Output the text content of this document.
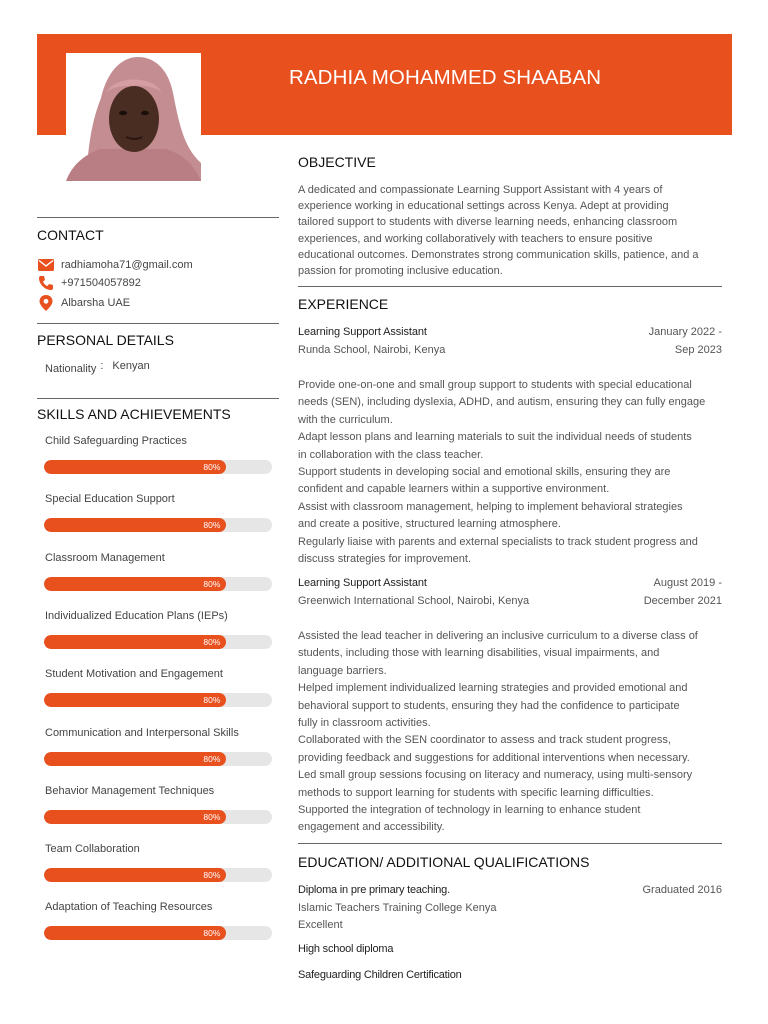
RADHIA MOHAMMED SHAABAN
CONTACT
radhiamoha71@gmail.com
+971504057892
Albarsha UAE
PERSONAL DETAILS
Nationality : Kenyan
SKILLS AND ACHIEVEMENTS
Child Safeguarding Practices
80%
Special Education Support
80%
Classroom Management
80%
Individualized Education Plans (IEPs)
80%
Student Motivation and Engagement
80%
Communication and Interpersonal Skills
80%
Behavior Management Techniques
80%
Team Collaboration
80%
Adaptation of Teaching Resources
80%
OBJECTIVE
A dedicated and compassionate Learning Support Assistant with 4 years of
experience working in educational settings across Kenya. Adept at providing
tailored support to students with diverse learning needs, enhancing classroom
experiences, and working collaboratively with teachers to ensure positive
educational outcomes. Demonstrates strong communication skills, patience, and a
passion for promoting inclusive education.
EXPERIENCE
Learning Support Assistant	January 2022 -
Runda School, Nairobi, Kenya	Sep 2023
Provide one-on-one and small group support to students with special educational
needs (SEN), including dyslexia, ADHD, and autism, ensuring they can fully engage
with the curriculum.
Adapt lesson plans and learning materials to suit the individual needs of students
in collaboration with the class teacher.
Support students in developing social and emotional skills, ensuring they are
confident and capable learners within a supportive environment.
Assist with classroom management, helping to implement behavioral strategies
and create a positive, structured learning atmosphere.
Regularly liaise with parents and external specialists to track student progress and
discuss strategies for improvement.
Learning Support Assistant	August 2019 -
Greenwich International School, Nairobi, Kenya	December 2021
Assisted the lead teacher in delivering an inclusive curriculum to a diverse class of
students, including those with learning disabilities, visual impairments, and
language barriers.
Helped implement individualized learning strategies and provided emotional and
behavioral support to students, ensuring they had the confidence to participate
fully in classroom activities.
Collaborated with the SEN coordinator to assess and track student progress,
providing feedback and suggestions for additional interventions when necessary.
Led small group sessions focusing on literacy and numeracy, using multi-sensory
methods to support learning for students with specific learning difficulties.
Supported the integration of technology in learning to enhance student
engagement and accessibility.
EDUCATION/ ADDITIONAL QUALIFICATIONS
Diploma in pre primary teaching.	Graduated 2016
Islamic Teachers Training College Kenya
Excellent
High school diploma
Safeguarding Children Certification
